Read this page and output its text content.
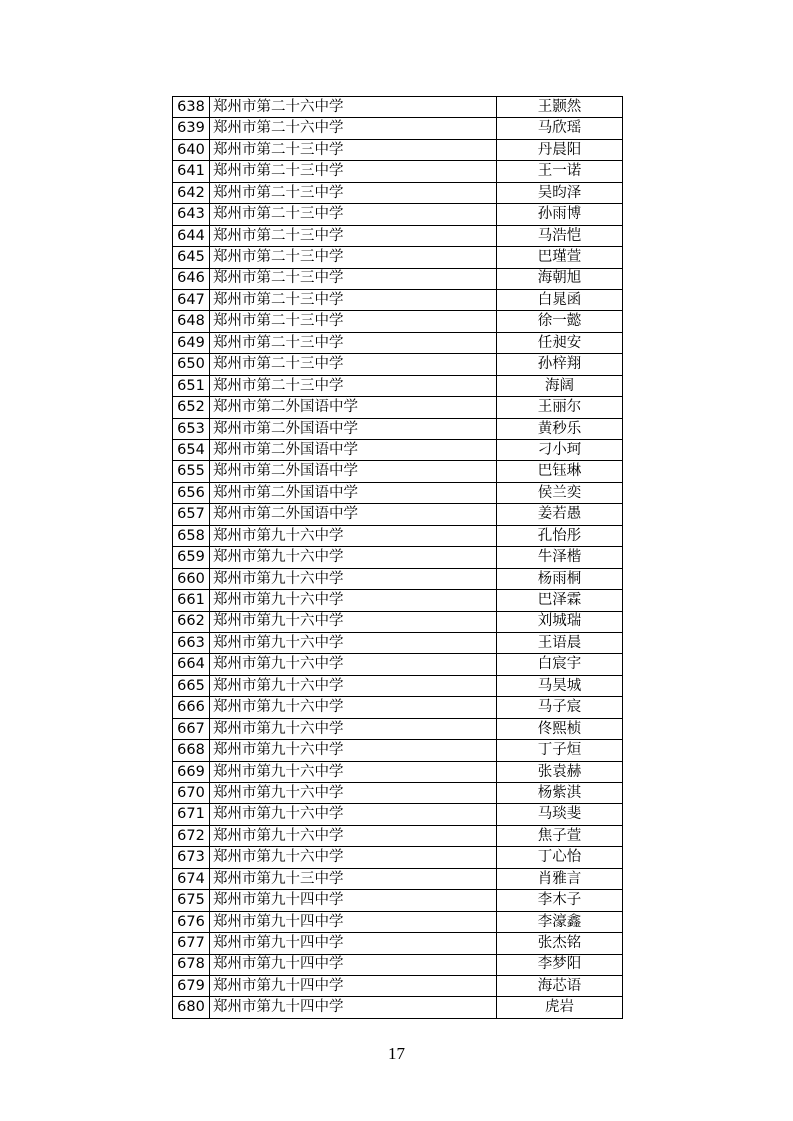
638	郑州市第二十六中学	王颢然
639	郑州市第二十六中学	马欣瑶
640	郑州市第二十三中学	丹晨阳
641	郑州市第二十三中学	王一诺
642	郑州市第二十三中学	吴昀泽
643	郑州市第二十三中学	孙雨博
644	郑州市第二十三中学	马浩恺
645	郑州市第二十三中学	巴瑾萱
646	郑州市第二十三中学	海朝旭
647	郑州市第二十三中学	白晁函
648	郑州市第二十三中学	徐一懿
649	郑州市第二十三中学	任昶安
650	郑州市第二十三中学	孙梓翔
651	郑州市第二十三中学	海阔
652	郑州市第二外国语中学	王丽尔
653	郑州市第二外国语中学	黄秒乐
654	郑州市第二外国语中学	刁小珂
655	郑州市第二外国语中学	巴钰琳
656	郑州市第二外国语中学	侯兰奕
657	郑州市第二外国语中学	姜若愚
658	郑州市第九十六中学	孔怡彤
659	郑州市第九十六中学	牛泽楷
660	郑州市第九十六中学	杨雨桐
661	郑州市第九十六中学	巴泽霖
662	郑州市第九十六中学	刘城瑞
663	郑州市第九十六中学	王语晨
664	郑州市第九十六中学	白宸宇
665	郑州市第九十六中学	马昊城
666	郑州市第九十六中学	马子宸
667	郑州市第九十六中学	佟熙桢
668	郑州市第九十六中学	丁子烜
669	郑州市第九十六中学	张袁赫
670	郑州市第九十六中学	杨紫淇
671	郑州市第九十六中学	马琰斐
672	郑州市第九十六中学	焦子萱
673	郑州市第九十六中学	丁心怡
674	郑州市第九十三中学	肖雅言
675	郑州市第九十四中学	李木子
676	郑州市第九十四中学	李濠鑫
677	郑州市第九十四中学	张杰铭
678	郑州市第九十四中学	李梦阳
679	郑州市第九十四中学	海芯语
680	郑州市第九十四中学	虎岩
17
